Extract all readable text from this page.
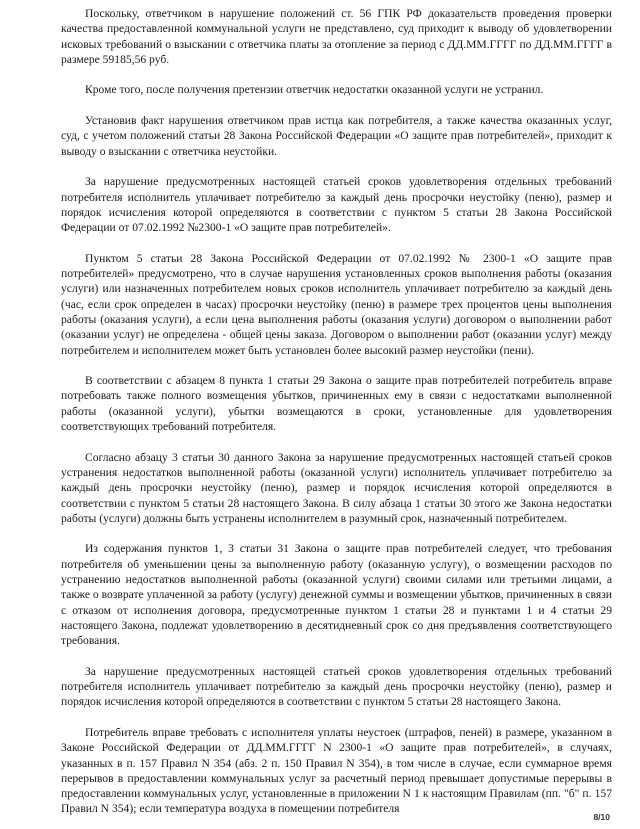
Поскольку, ответчиком в нарушение положений ст. 56 ГПК РФ доказательств проведения проверки качества предоставленной коммунальной услуги не представлено, суд приходит к выводу об удовлетворении исковых требований о взыскании с ответчика платы за отопление за период с ДД.ММ.ГГГГ по ДД.ММ.ГГГГ в размере 59185,56 руб.

Кроме того, после получения претензии ответчик недостатки оказанной услуги не устранил.

Установив факт нарушения ответчиком прав истца как потребителя, а также качества оказанных услуг, суд, с учетом положений статьи 28 Закона Российской Федерации «О защите прав потребителей», приходит к выводу о взыскании с ответчика неустойки.

За нарушение предусмотренных настоящей статьей сроков удовлетворения отдельных требований потребителя исполнитель уплачивает потребителю за каждый день просрочки неустойку (пеню), размер и порядок исчисления которой определяются в соответствии с пунктом 5 статьи 28 Закона Российской Федерации от 07.02.1992 №2300-1 «О защите прав потребителей».

Пунктом 5 статьи 28 Закона Российской Федерации от 07.02.1992 № 2300-1 «О защите прав потребителей» предусмотрено, что в случае нарушения установленных сроков выполнения работы (оказания услуги) или назначенных потребителем новых сроков исполнитель уплачивает потребителю за каждый день (час, если срок определен в часах) просрочки неустойку (пеню) в размере трех процентов цены выполнения работы (оказания услуги), а если цена выполнения работы (оказания услуги) договором о выполнении работ (оказании услуг) не определена - общей цены заказа. Договором о выполнении работ (оказании услуг) между потребителем и исполнителем может быть установлен более высокий размер неустойки (пени).

В соответствии с абзацем 8 пункта 1 статьи 29 Закона о защите прав потребителей потребитель вправе потребовать также полного возмещения убытков, причиненных ему в связи с недостатками выполненной работы (оказанной услуги), убытки возмещаются в сроки, установленные для удовлетворения соответствующих требований потребителя.

Согласно абзацу 3 статьи 30 данного Закона за нарушение предусмотренных настоящей статьей сроков устранения недостатков выполненной работы (оказанной услуги) исполнитель уплачивает потребителю за каждый день просрочки неустойку (пеню), размер и порядок исчисления которой определяются в соответствии с пунктом 5 статьи 28 настоящего Закона. В силу абзаца 1 статьи 30 этого же Закона недостатки работы (услуги) должны быть устранены исполнителем в разумный срок, назначенный потребителем.

Из содержания пунктов 1, 3 статьи 31 Закона о защите прав потребителей следует, что требования потребителя об уменьшении цены за выполненную работу (оказанную услугу), о возмещении расходов по устранению недостатков выполненной работы (оказанной услуги) своими силами или третьими лицами, а также о возврате уплаченной за работу (услугу) денежной суммы и возмещении убытков, причиненных в связи с отказом от исполнения договора, предусмотренные пунктом 1 статьи 28 и пунктами 1 и 4 статьи 29 настоящего Закона, подлежат удовлетворению в десятидневный срок со дня предъявления соответствующего требования.

За нарушение предусмотренных настоящей статьей сроков удовлетворения отдельных требований потребителя исполнитель уплачивает потребителю за каждый день просрочки неустойку (пеню), размер и порядок исчисления которой определяются в соответствии с пунктом 5 статьи 28 настоящего Закона.

Потребитель вправе требовать с исполнителя уплаты неустоек (штрафов, пеней) в размере, указанном в Законе Российской Федерации от ДД.ММ.ГГГГ N 2300-1 «О защите прав потребителей», в случаях, указанных в п. 157 Правил N 354 (абз. 2 п. 150 Правил N 354), в том числе в случае, если суммарное время перерывов в предоставлении коммунальных услуг за расчетный период превышает допустимые перерывы в предоставлении коммунальных услуг, установленные в приложении N 1 к настоящим Правилам (пп. "б" п. 157 Правил N 354); если температура воздуха в помещении потребителя

8/10
